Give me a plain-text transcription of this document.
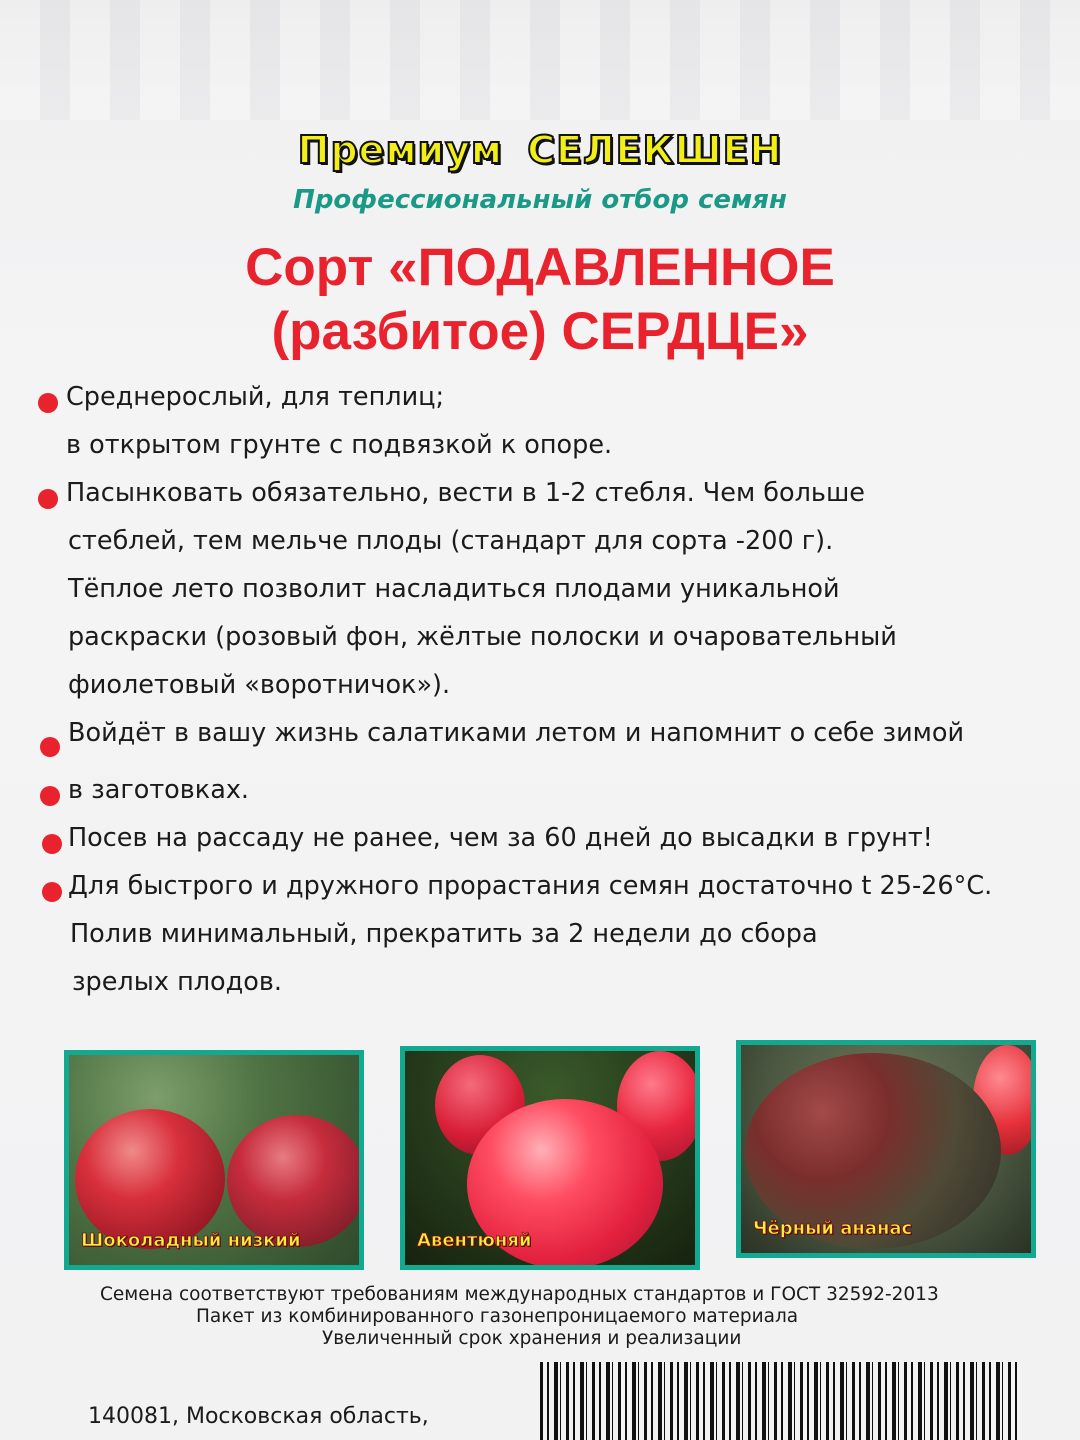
Премиум СЕЛЕКШЕН
Профессиональный отбор семян
Сорт «ПОДАВЛЕННОЕ
(разбитое) СЕРДЦЕ»
Среднерослый, для теплиц;
в открытом грунте с подвязкой к опоре.
Пасынковать обязательно, вести в 1-2 стебля. Чем больше
стеблей, тем мельче плоды (стандарт для сорта -200 г).
Тёплое лето позволит насладиться плодами уникальной
раскраски (розовый фон, жёлтые полоски и очаровательный
фиолетовый «воротничок»).
Войдёт в вашу жизнь салатиками летом и напомнит о себе зимой
в заготовках.
Посев на рассаду не ранее, чем за 60 дней до высадки в грунт!
Для быстрого и дружного прорастания семян достаточно t 25-26°C.
Полив минимальный, прекратить за 2 недели до сбора
зрелых плодов.
Шоколадный низкий	Авентюняй
Чёрный ананас
Семена соответствуют требованиям международных стандартов и ГОСТ 32592-2013
Пакет из комбинированного газонепроницаемого материала
Увеличенный срок хранения и реализации
140081, Московская область,
